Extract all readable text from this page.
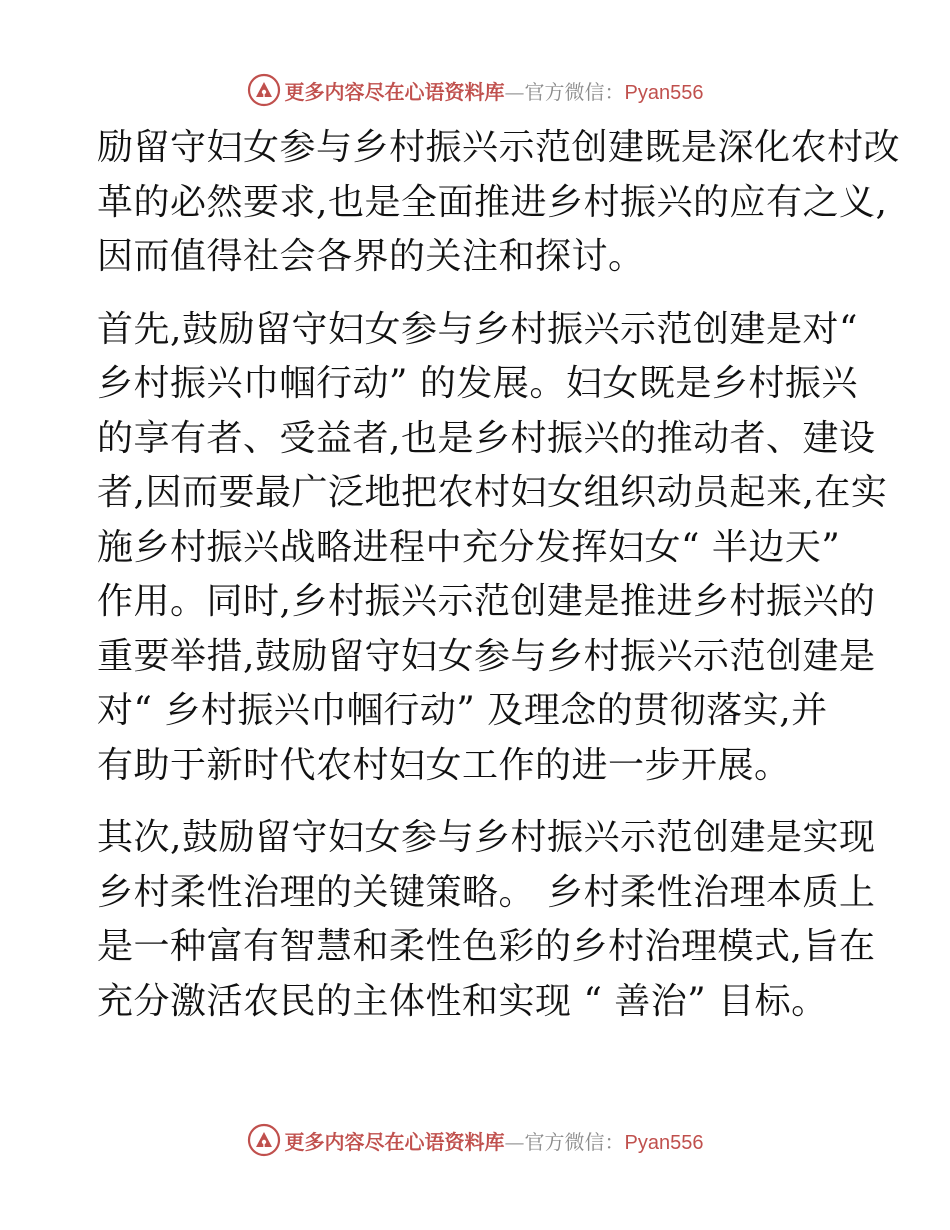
更多内容尽在心语资料库—官方微信：Pyan556

励留守妇女参与乡村振兴示范创建既是深化农村改
革的必然要求,也是全面推进乡村振兴的应有之义,
因而值得社会各界的关注和探讨。

首先,鼓励留守妇女参与乡村振兴示范创建是对“
乡村振兴巾帼行动” 的发展。妇女既是乡村振兴
的享有者、受益者,也是乡村振兴的推动者、建设
者,因而要最广泛地把农村妇女组织动员起来,在实
施乡村振兴战略进程中充分发挥妇女“ 半边天”
作用。同时,乡村振兴示范创建是推进乡村振兴的
重要举措,鼓励留守妇女参与乡村振兴示范创建是
对“ 乡村振兴巾帼行动” 及理念的贯彻落实,并
有助于新时代农村妇女工作的进一步开展。

其次,鼓励留守妇女参与乡村振兴示范创建是实现
乡村柔性治理的关键策略。 乡村柔性治理本质上
是一种富有智慧和柔性色彩的乡村治理模式,旨在
充分激活农民的主体性和实现 “ 善治” 目标。

更多内容尽在心语资料库—官方微信：Pyan556
